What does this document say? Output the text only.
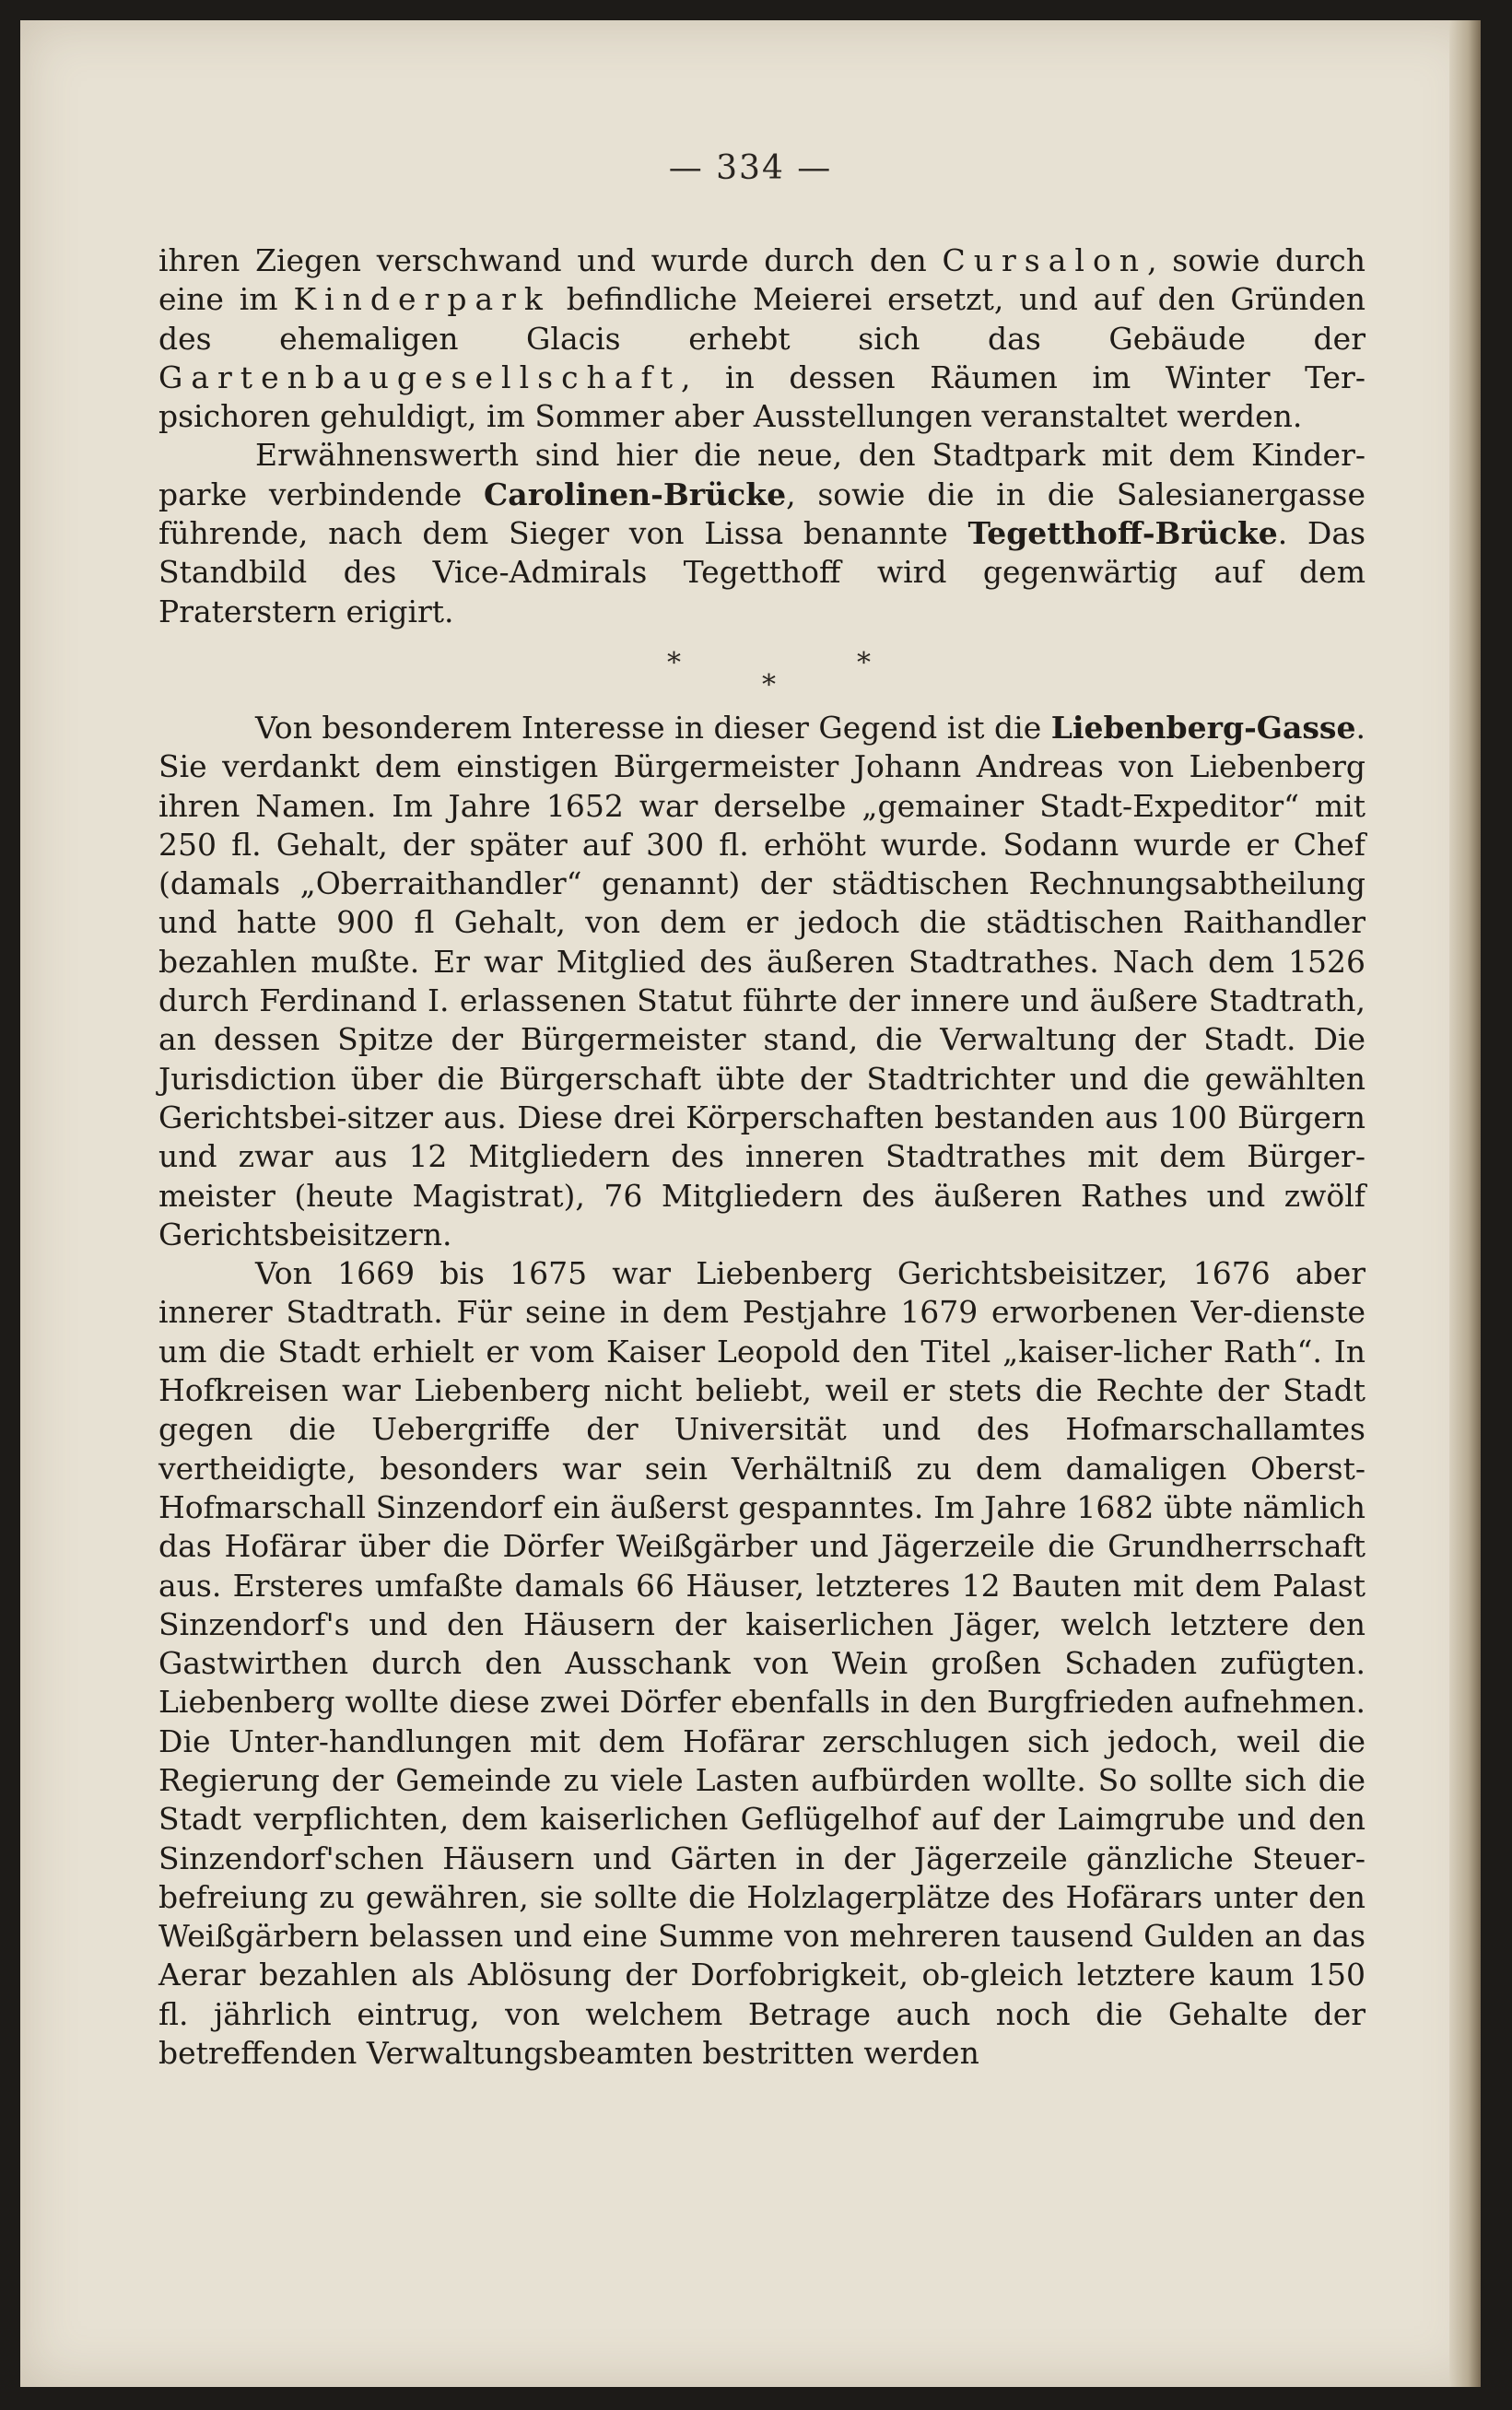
— 334 —

ihren Ziegen verschwand und wurde durch den Cursalon, sowie durch eine im Kinderpark befindliche Meierei ersetzt, und auf den Gründen des ehemaligen Glacis erhebt sich das Gebäude der Gartenbaugesellschaft, in dessen Räumen im Winter Ter-psichoren gehuldigt, im Sommer aber Ausstellungen veranstaltet werden.

Erwähnenswerth sind hier die neue, den Stadtpark mit dem Kinder-parke verbindende Carolinen-Brücke, sowie die in die Salesianergasse führende, nach dem Sieger von Lissa benannte Tegetthoff-Brücke. Das Standbild des Vice-Admirals Tegetthoff wird gegenwärtig auf dem Praterstern erigirt.

*
*
*

Von besonderem Interesse in dieser Gegend ist die Liebenberg-Gasse. Sie verdankt dem einstigen Bürgermeister Johann Andreas von Liebenberg ihren Namen. Im Jahre 1652 war derselbe „gemainer Stadt-Expeditor“ mit 250 fl. Gehalt, der später auf 300 fl. erhöht wurde. Sodann wurde er Chef (damals „Oberraithandler“ genannt) der städtischen Rechnungsabtheilung und hatte 900 fl Gehalt, von dem er jedoch die städtischen Raithandler bezahlen mußte. Er war Mitglied des äußeren Stadtrathes. Nach dem 1526 durch Ferdinand I. erlassenen Statut führte der innere und äußere Stadtrath, an dessen Spitze der Bürgermeister stand, die Verwaltung der Stadt. Die Jurisdiction über die Bürgerschaft übte der Stadtrichter und die gewählten Gerichtsbei-sitzer aus. Diese drei Körperschaften bestanden aus 100 Bürgern und zwar aus 12 Mitgliedern des inneren Stadtrathes mit dem Bürger-meister (heute Magistrat), 76 Mitgliedern des äußeren Rathes und zwölf Gerichtsbeisitzern.

Von 1669 bis 1675 war Liebenberg Gerichtsbeisitzer, 1676 aber innerer Stadtrath. Für seine in dem Pestjahre 1679 erworbenen Ver-dienste um die Stadt erhielt er vom Kaiser Leopold den Titel „kaiser-licher Rath“. In Hofkreisen war Liebenberg nicht beliebt, weil er stets die Rechte der Stadt gegen die Uebergriffe der Universität und des Hofmarschallamtes vertheidigte, besonders war sein Verhältniß zu dem damaligen Oberst-Hofmarschall Sinzendorf ein äußerst gespanntes. Im Jahre 1682 übte nämlich das Hofärar über die Dörfer Weißgärber und Jägerzeile die Grundherrschaft aus. Ersteres umfaßte damals 66 Häuser, letzteres 12 Bauten mit dem Palast Sinzendorf's und den Häusern der kaiserlichen Jäger, welch letztere den Gastwirthen durch den Ausschank von Wein großen Schaden zufügten. Liebenberg wollte diese zwei Dörfer ebenfalls in den Burgfrieden aufnehmen. Die Unter-handlungen mit dem Hofärar zerschlugen sich jedoch, weil die Regierung der Gemeinde zu viele Lasten aufbürden wollte. So sollte sich die Stadt verpflichten, dem kaiserlichen Geflügelhof auf der Laimgrube und den Sinzendorf'schen Häusern und Gärten in der Jägerzeile gänzliche Steuer-befreiung zu gewähren, sie sollte die Holzlagerplätze des Hofärars unter den Weißgärbern belassen und eine Summe von mehreren tausend Gulden an das Aerar bezahlen als Ablösung der Dorfobrigkeit, ob-gleich letztere kaum 150 fl. jährlich eintrug, von welchem Betrage auch noch die Gehalte der betreffenden Verwaltungsbeamten bestritten werden
